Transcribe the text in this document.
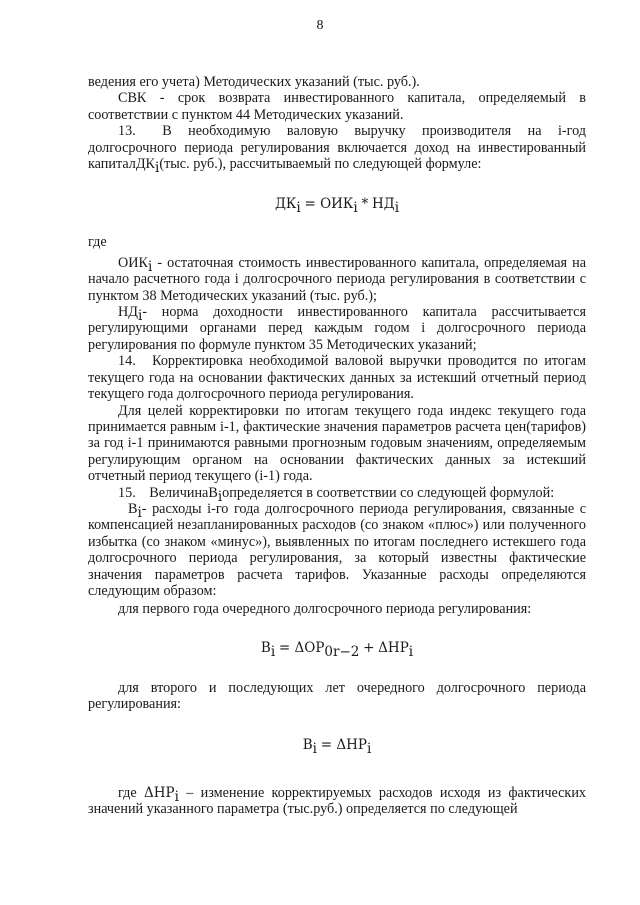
8

ведения его учета) Методических указаний (тыс. руб.).

СВК - срок возврата инвестированного капитала, определяемый в соответствии с пунктом 44 Методических указаний.

13. В необходимую валовую выручку производителя на i-год долгосрочного периода регулирования включается доход на инвестированный капиталДК$_i$(тыс. руб.), рассчитываемый по следующей формуле:

$ДК_i = ОИК_i * НД_i$

где

$ОИК_i$ - остаточная стоимость инвестированного капитала, определяемая на начало расчетного года i долгосрочного периода регулирования в соответствии с пунктом 38 Методических указаний (тыс. руб.);

$НД_i-$ норма доходности инвестированного капитала рассчитывается регулирующими органами перед каждым годом i долгосрочного периода регулирования по формуле пунктом 35 Методических указаний;

14. Корректировка необходимой валовой выручки проводится по итогам текущего года на основании фактических данных за истекший отчетный период текущего года долгосрочного периода регулирования.

Для целей корректировки по итогам текущего года индекс текущего года принимается равным i-1, фактические значения параметров расчета цен(тарифов) за год i-1 принимаются равными прогнозным годовым значениям, определяемым регулирующим органом на основании фактических данных за истекший отчетный период текущего (i-1) года.

15. ВеличинаВ$_i$определяется в соответствии со следующей формулой:

$В_i-$ расходы i-го года долгосрочного периода регулирования, связанные с компенсацией незапланированных расходов (со знаком «плюс») или полученного избытка (со знаком «минус»), выявленных по итогам последнего истекшего года долгосрочного периода регулирования, за который известны фактические значения параметров расчета тарифов. Указанные расходы определяются следующим образом:

для первого года очередного долгосрочного периода регулирования:

$B_i = \Delta OP_{0r-2} + \Delta HP_i$

для второго и последующих лет очередного долгосрочного периода регулирования:

$B_i = \Delta HP_i$

где $\Delta HP_i$ – изменение корректируемых расходов исходя из фактических значений указанного параметра (тыс.руб.) определяется по следующей
